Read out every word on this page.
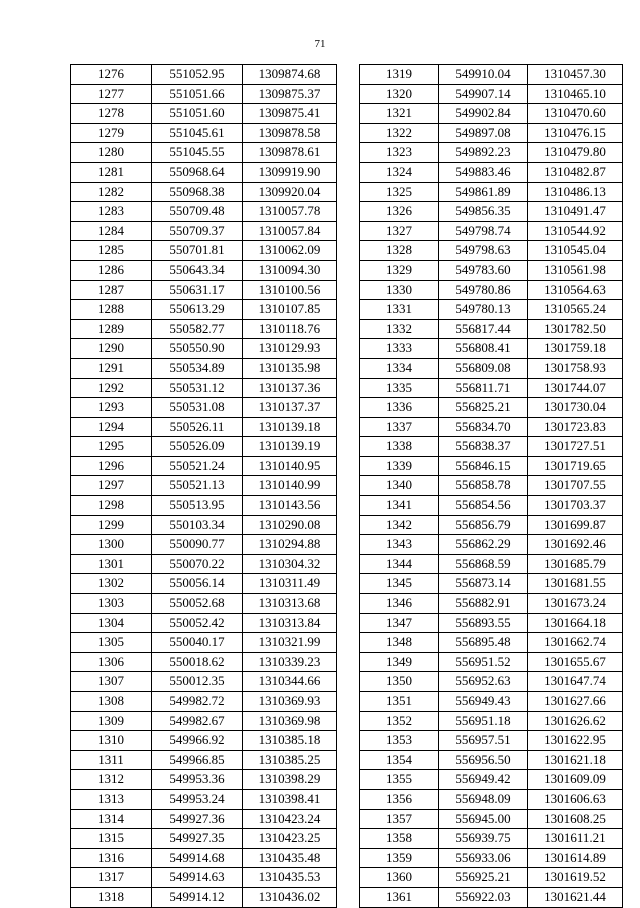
71
1276	551052.95	1309874.68
1277	551051.66	1309875.37
1278	551051.60	1309875.41
1279	551045.61	1309878.58
1280	551045.55	1309878.61
1281	550968.64	1309919.90
1282	550968.38	1309920.04
1283	550709.48	1310057.78
1284	550709.37	1310057.84
1285	550701.81	1310062.09
1286	550643.34	1310094.30
1287	550631.17	1310100.56
1288	550613.29	1310107.85
1289	550582.77	1310118.76
1290	550550.90	1310129.93
1291	550534.89	1310135.98
1292	550531.12	1310137.36
1293	550531.08	1310137.37
1294	550526.11	1310139.18
1295	550526.09	1310139.19
1296	550521.24	1310140.95
1297	550521.13	1310140.99
1298	550513.95	1310143.56
1299	550103.34	1310290.08
1300	550090.77	1310294.88
1301	550070.22	1310304.32
1302	550056.14	1310311.49
1303	550052.68	1310313.68
1304	550052.42	1310313.84
1305	550040.17	1310321.99
1306	550018.62	1310339.23
1307	550012.35	1310344.66
1308	549982.72	1310369.93
1309	549982.67	1310369.98
1310	549966.92	1310385.18
1311	549966.85	1310385.25
1312	549953.36	1310398.29
1313	549953.24	1310398.41
1314	549927.36	1310423.24
1315	549927.35	1310423.25
1316	549914.68	1310435.48
1317	549914.63	1310435.53
1318	549914.12	1310436.02
1319	549910.04	1310457.30
1320	549907.14	1310465.10
1321	549902.84	1310470.60
1322	549897.08	1310476.15
1323	549892.23	1310479.80
1324	549883.46	1310482.87
1325	549861.89	1310486.13
1326	549856.35	1310491.47
1327	549798.74	1310544.92
1328	549798.63	1310545.04
1329	549783.60	1310561.98
1330	549780.86	1310564.63
1331	549780.13	1310565.24
1332	556817.44	1301782.50
1333	556808.41	1301759.18
1334	556809.08	1301758.93
1335	556811.71	1301744.07
1336	556825.21	1301730.04
1337	556834.70	1301723.83
1338	556838.37	1301727.51
1339	556846.15	1301719.65
1340	556858.78	1301707.55
1341	556854.56	1301703.37
1342	556856.79	1301699.87
1343	556862.29	1301692.46
1344	556868.59	1301685.79
1345	556873.14	1301681.55
1346	556882.91	1301673.24
1347	556893.55	1301664.18
1348	556895.48	1301662.74
1349	556951.52	1301655.67
1350	556952.63	1301647.74
1351	556949.43	1301627.66
1352	556951.18	1301626.62
1353	556957.51	1301622.95
1354	556956.50	1301621.18
1355	556949.42	1301609.09
1356	556948.09	1301606.63
1357	556945.00	1301608.25
1358	556939.75	1301611.21
1359	556933.06	1301614.89
1360	556925.21	1301619.52
1361	556922.03	1301621.44
